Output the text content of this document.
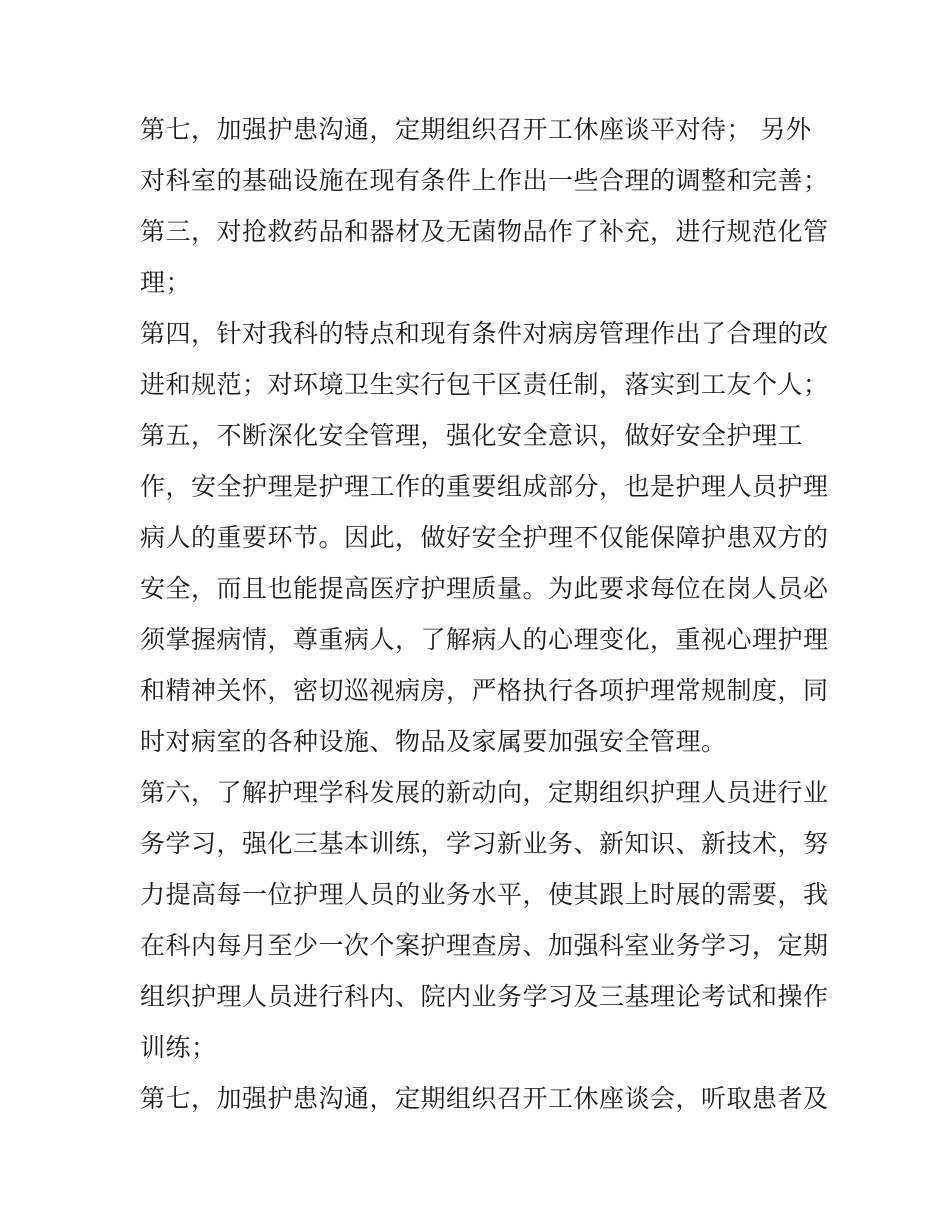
第七，加强护患沟通，定期组织召开工休座谈平对待； 另外
对科室的基础设施在现有条件上作出一些合理的调整和完善；
第三，对抢救药品和器材及无菌物品作了补充，进行规范化管
理；
第四，针对我科的特点和现有条件对病房管理作出了合理的改
进和规范；对环境卫生实行包干区责任制，落实到工友个人；
第五，不断深化安全管理，强化安全意识，做好安全护理工
作，安全护理是护理工作的重要组成部分，也是护理人员护理
病人的重要环节。因此，做好安全护理不仅能保障护患双方的
安全，而且也能提高医疗护理质量。为此要求每位在岗人员必
须掌握病情，尊重病人，了解病人的心理变化，重视心理护理
和精神关怀，密切巡视病房，严格执行各项护理常规制度，同
时对病室的各种设施、物品及家属要加强安全管理。
第六，了解护理学科发展的新动向，定期组织护理人员进行业
务学习，强化三基本训练，学习新业务、新知识、新技术，努
力提高每一位护理人员的业务水平，使其跟上时展的需要，我
在科内每月至少一次个案护理查房、加强科室业务学习，定期
组织护理人员进行科内、院内业务学习及三基理论考试和操作
训练；
第七，加强护患沟通，定期组织召开工休座谈会，听取患者及
